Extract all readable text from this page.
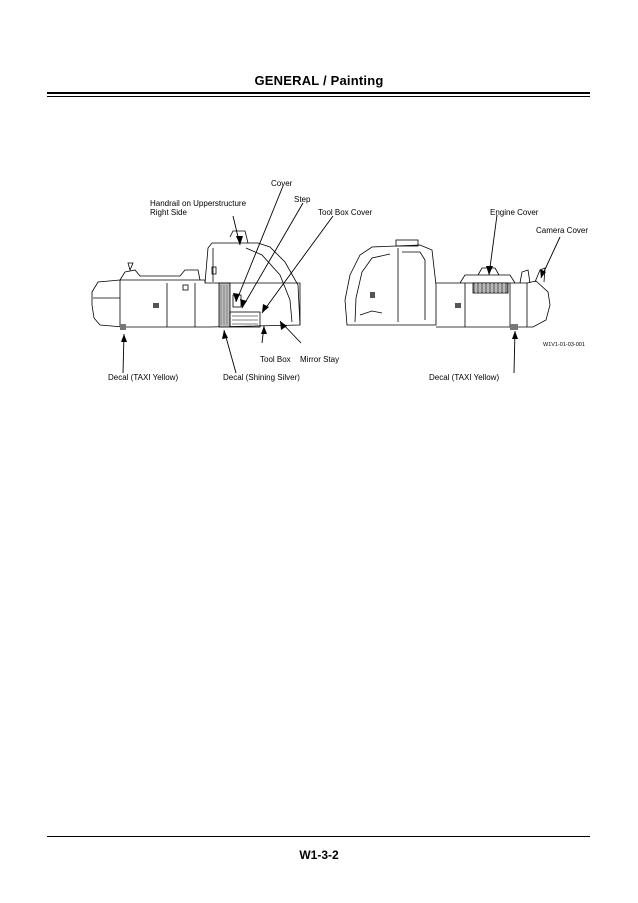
GENERAL / Painting
Cover
Step
Handrail on Upperstructure
Right Side	Tool Box Cover	Engine Cover
Camera Cover
W1V1-01-03-001
Tool Box Mirror Stay
Decal (TAXI Yellow)	Decal (Shining Silver)	Decal (TAXI Yellow)
W1-3-2
